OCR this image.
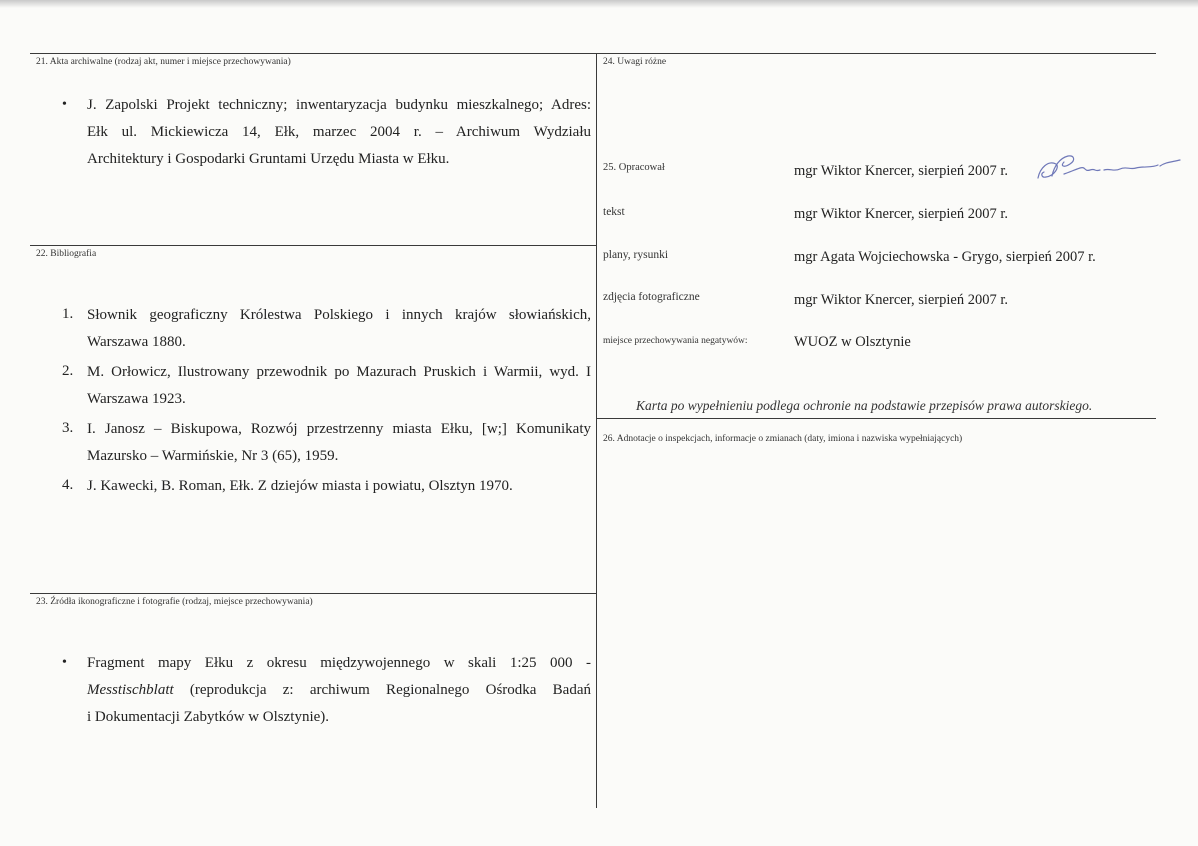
21. Akta archiwalne (rodzaj akt, numer i miejsce przechowywania)
• J. Zapolski Projekt techniczny; inwentaryzacja budynku mieszkalnego; Adres:
Ełk ul. Mickiewicza 14, Ełk, marzec 2004 r. – Archiwum Wydziału
Architektury i Gospodarki Gruntami Urzędu Miasta w Ełku.
22. Bibliografia
1. Słownik geograficzny Królestwa Polskiego i innych krajów słowiańskich,
Warszawa 1880.
2. M. Orłowicz, Ilustrowany przewodnik po Mazurach Pruskich i Warmii, wyd. I
Warszawa 1923.
3. I. Janosz – Biskupowa, Rozwój przestrzenny miasta Ełku, [w;] Komunikaty
Mazursko – Warmińskie, Nr 3 (65), 1959.
4. J. Kawecki, B. Roman, Ełk. Z dziejów miasta i powiatu, Olsztyn 1970.
23. Źródła ikonograficzne i fotografie (rodzaj, miejsce przechowywania)
• Fragment mapy Ełku z okresu międzywojennego w skali 1:25 000 -
Messtischblatt (reprodukcja z: archiwum Regionalnego Ośrodka Badań
i Dokumentacji Zabytków w Olsztynie).
24. Uwagi różne
25. Opracował	mgr Wiktor Knercer, sierpień 2007 r.
tekst	mgr Wiktor Knercer, sierpień 2007 r.
plany, rysunki	mgr Agata Wojciechowska - Grygo, sierpień 2007 r.
zdjęcia fotograficzne	mgr Wiktor Knercer, sierpień 2007 r.
miejsce przechowywania negatywów:	WUOZ w Olsztynie
Karta po wypełnieniu podlega ochronie na podstawie przepisów prawa autorskiego.
26. Adnotacje o inspekcjach, informacje o zmianach (daty, imiona i nazwiska wypełniających)
